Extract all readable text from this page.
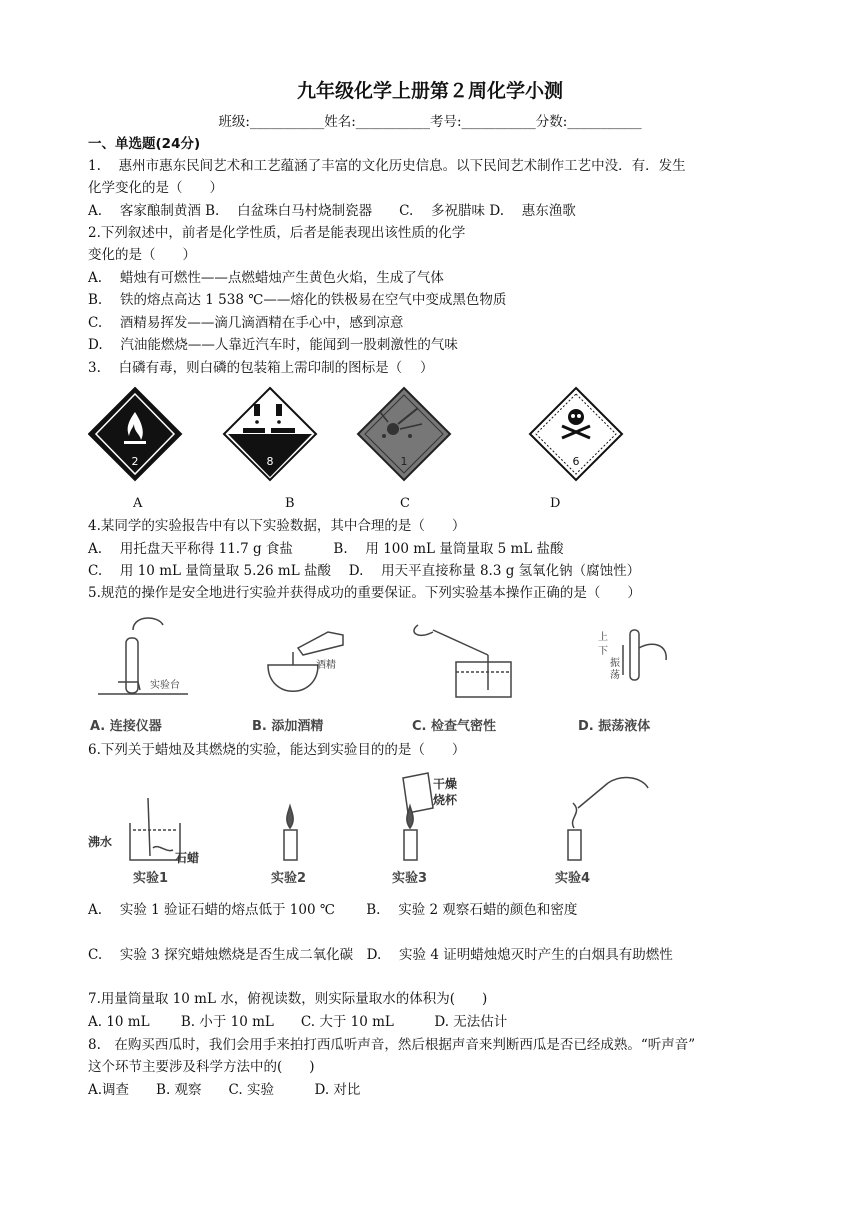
九年级化学上册第２周化学小测
班级:___________姓名:___________考号:___________分数:___________
一、单选题(24分)
1.　 惠州市惠东民间艺术和工艺蕴涵了丰富的文化历史信息。以下民间艺术制作工艺中没．有．发生
化学变化的是（　　）
A.　 客家酿制黄酒 B.　 白盆珠白马村烧制瓷器　　C.　 多祝腊味 D.　 惠东渔歌
2.下列叙述中，前者是化学性质，后者是能表现出该性质的化学
变化的是（　　）
A.　 蜡烛有可燃性——点燃蜡烛产生黄色火焰，生成了气体
B.　 铁的熔点高达 1 538 ℃——熔化的铁极易在空气中变成黑色物质
C.　 酒精易挥发——滴几滴酒精在手心中，感到凉意
D.　 汽油能燃烧——人靠近汽车时，能闻到一股刺激性的气味
3.　 白磷有毒，则白磷的包装箱上需印制的图标是（　 ）
2	8	1	6
A	B	C	D
4.某同学的实验报告中有以下实验数据，其中合理的是（　　）
A.　 用托盘天平称得 11.7 g 食盐　　　B.　 用 100 mL 量筒量取 5 mL 盐酸
C.　 用 10 mL 量筒量取 5.26 mL 盐酸　 D.　 用天平直接称量 8.3 g 氢氧化钠（腐蚀性）
5.规范的操作是安全地进行实验并获得成功的重要保证。下列实验基本操作正确的是（　　）
实验台
酒精
上
下
振
荡
A. 连接仪器	B. 添加酒精	C. 检查气密性	D. 振荡液体
6.下列关于蜡烛及其燃烧的实验，能达到实验目的的是（　　）
沸水
石蜡
干燥
烧杯
实验1	实验2	实验3	实验4
A.　 实验 1 验证石蜡的熔点低于 100 ℃　　 B.　 实验 2 观察石蜡的颜色和密度
C.　 实验 3 探究蜡烛燃烧是否生成二氧化碳　D.　 实验 4 证明蜡烛熄灭时产生的白烟具有助燃性
7.用量筒量取 10 mL 水，俯视读数，则实际量取水的体积为(　　)
A. 10 mL　　 B. 小于 10 mL　　C. 大于 10 mL　　　D. 无法估计
8.　在购买西瓜时，我们会用手来拍打西瓜听声音，然后根据声音来判断西瓜是否已经成熟。“听声音”
这个环节主要涉及科学方法中的(　　)
A.调查　　B. 观察　　C. 实验　　　D. 对比
